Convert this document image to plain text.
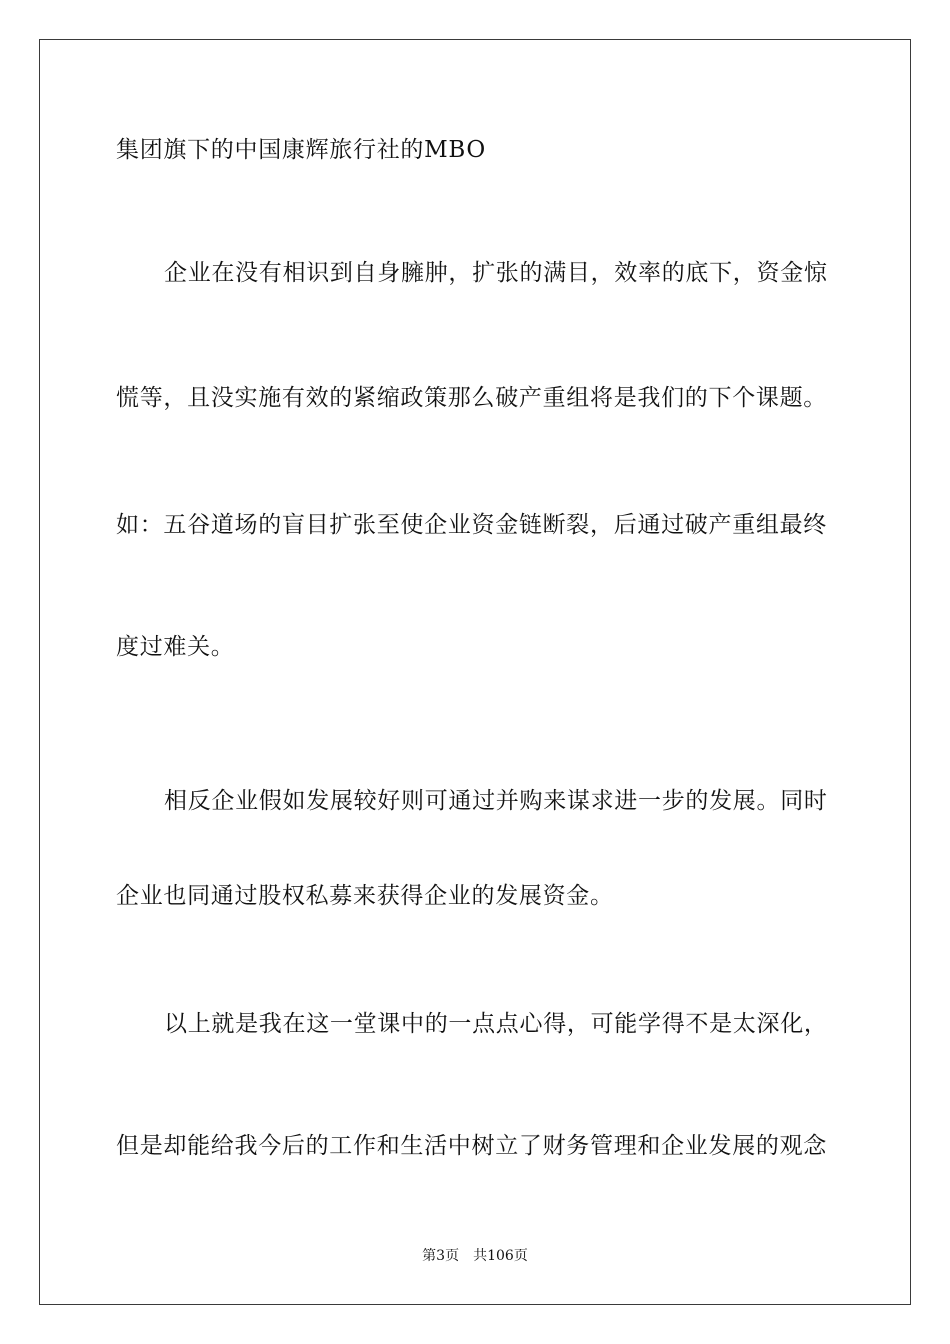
集团旗下的中国康辉旅行社的MBO

企业在没有相识到自身臃肿，扩张的满目，效率的底下，资金惊

慌等，且没实施有效的紧缩政策那么破产重组将是我们的下个课题。

如：五谷道场的盲目扩张至使企业资金链断裂，后通过破产重组最终

度过难关。

相反企业假如发展较好则可通过并购来谋求进一步的发展。同时

企业也同通过股权私募来获得企业的发展资金。

以上就是我在这一堂课中的一点点心得，可能学得不是太深化，

但是却能给我今后的工作和生活中树立了财务管理和企业发展的观念

第3页 共106页
